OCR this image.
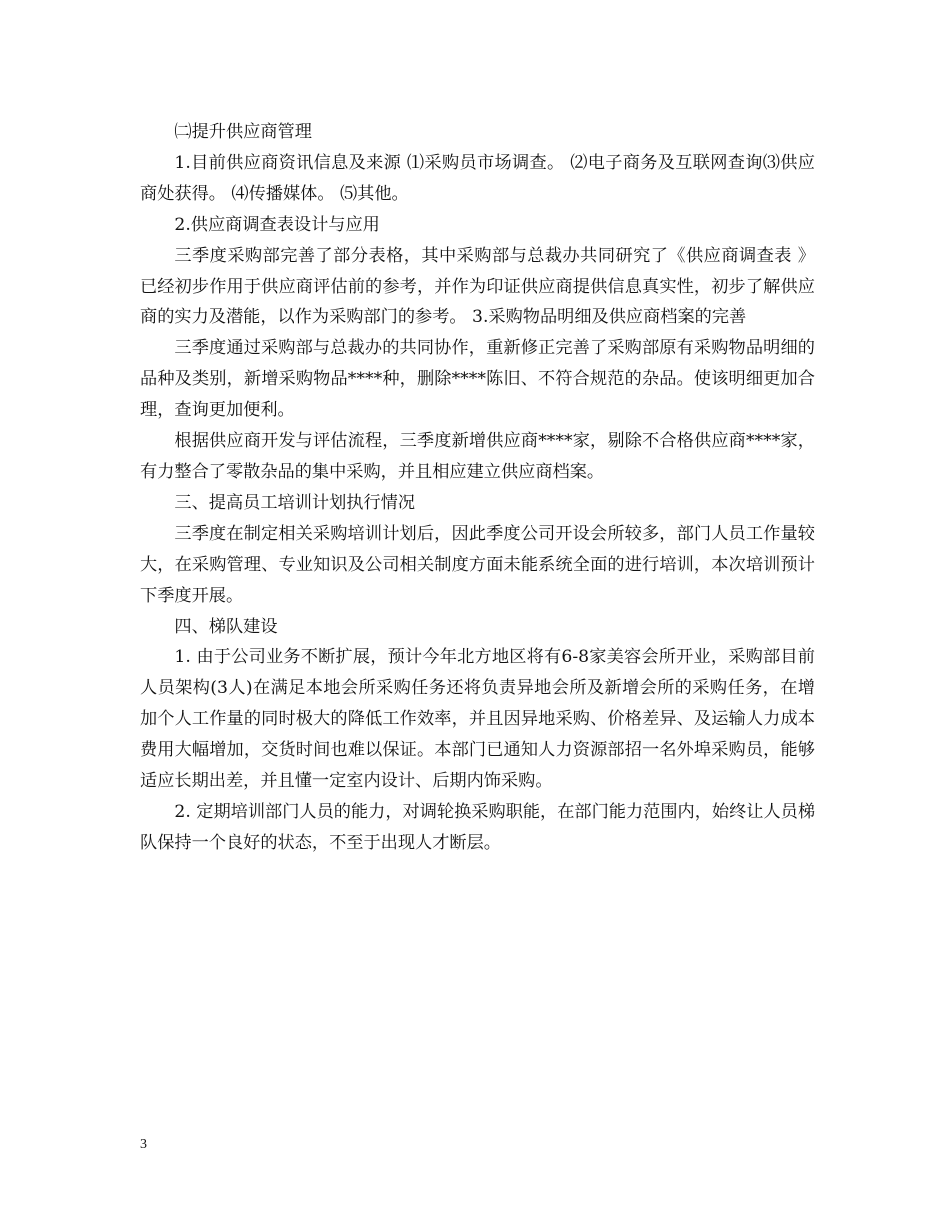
㈡提升供应商管理

1.目前供应商资讯信息及来源 ⑴采购员市场调查。 ⑵电子商务及互联网查询⑶供应商处获得。 ⑷传播媒体。 ⑸其他。

2.供应商调查表设计与应用

三季度采购部完善了部分表格，其中采购部与总裁办共同研究了《供应商调查表 》已经初步作用于供应商评估前的参考，并作为印证供应商提供信息真实性，初步了解供应商的实力及潜能，以作为采购部门的参考。 3.采购物品明细及供应商档案的完善

三季度通过采购部与总裁办的共同协作，重新修正完善了采购部原有采购物品明细的品种及类别，新增采购物品****种，删除****陈旧、不符合规范的杂品。使该明细更加合理，查询更加便利。

根据供应商开发与评估流程，三季度新增供应商****家，剔除不合格供应商****家，有力整合了零散杂品的集中采购，并且相应建立供应商档案。

三、提高员工培训计划执行情况

三季度在制定相关采购培训计划后，因此季度公司开设会所较多，部门人员工作量较大，在采购管理、专业知识及公司相关制度方面未能系统全面的进行培训，本次培训预计下季度开展。

四、梯队建设

1. 由于公司业务不断扩展，预计今年北方地区将有6-8家美容会所开业，采购部目前人员架构(3人)在满足本地会所采购任务还将负责异地会所及新增会所的采购任务，在增加个人工作量的同时极大的降低工作效率，并且因异地采购、价格差异、及运输人力成本费用大幅增加，交货时间也难以保证。本部门已通知人力资源部招一名外埠采购员，能够适应长期出差，并且懂一定室内设计、后期内饰采购。

2. 定期培训部门人员的能力，对调轮换采购职能，在部门能力范围内，始终让人员梯队保持一个良好的状态，不至于出现人才断层。

3
